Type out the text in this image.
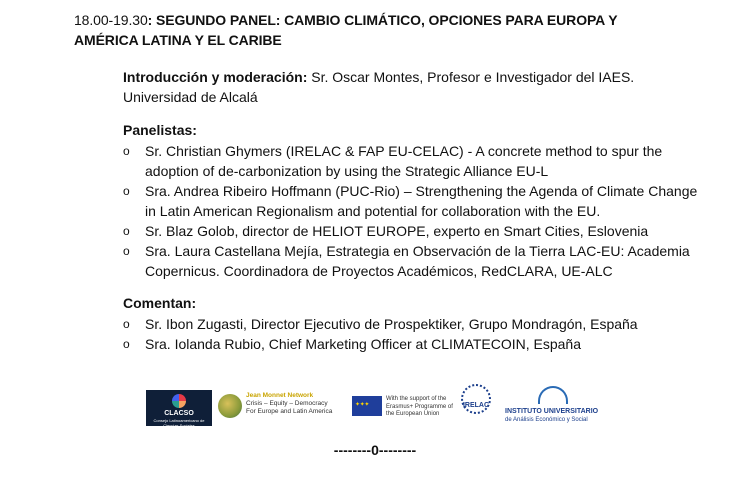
18.00-19.30: SEGUNDO PANEL: CAMBIO CLIMÁTICO, OPCIONES PARA EUROPA Y AMÉRICA LATINA Y EL CARIBE
Introducción y moderación: Sr. Oscar Montes, Profesor e Investigador del IAES. Universidad de Alcalá
Panelistas:
o Sr. Christian Ghymers (IRELAC & FAP EU-CELAC) - A concrete method to spur the adoption of de-carbonization by using the Strategic Alliance EU-L
o Sra. Andrea Ribeiro Hoffmann (PUC-Rio) – Strengthening the Agenda of Climate Change in Latin American Regionalism and potential for collaboration with the EU.
o Sr. Blaz Golob, director de HELIOT EUROPE, experto en Smart Cities, Eslovenia
o Sra. Laura Castellana Mejía, Estrategia en Observación de la Tierra LAC-EU: Academia Copernicus. Coordinadora de Proyectos Académicos, RedCLARA, UE-ALC
Comentan:
o Sr. Ibon Zugasti, Director Ejecutivo de Prospektiker, Grupo Mondragón, España
o Sra. Iolanda Rubio, Chief Marketing Officer at CLIMATECOIN, España
CLACSO
Consejo Latinoamericano de Ciencias Sociales
Jean Monnet Network
Crisis – Equity – Democracy
For Europe and Latin America
✦ ✦ ✦
With the support of the Erasmus+ Programme of the European Union
IRELAC
INSTITUTO UNIVERSITARIO
de Análisis Económico y Social
--------0--------
